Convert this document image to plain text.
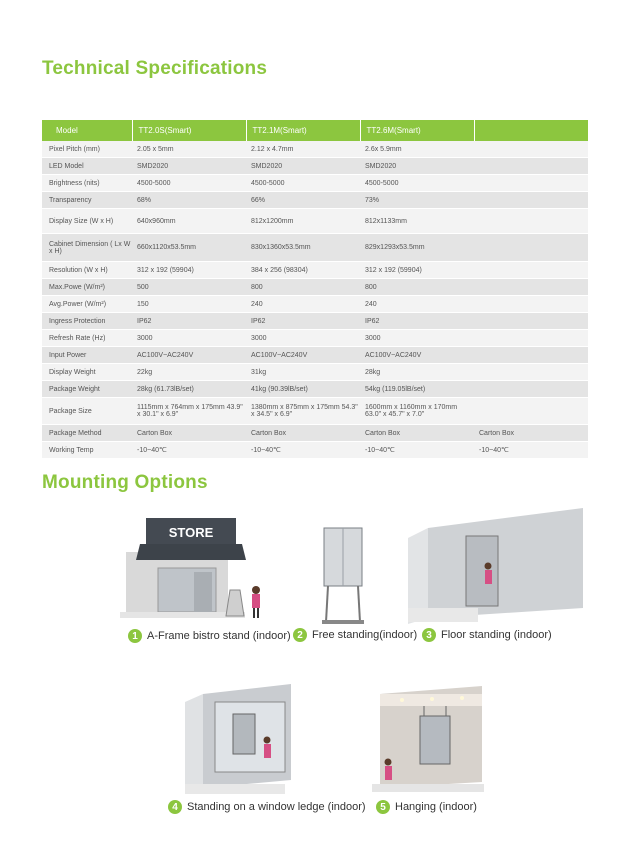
Technical Specifications
Model	TT2.0S(Smart)	TT2.1M(Smart)	TT2.6M(Smart)	
Pixel Pitch (mm)	2.05 x 5mm	2.12 x 4.7mm	2.6x 5.9mm	
LED Model	SMD2020	SMD2020	SMD2020	
Brightness (nits)	4500-5000	4500-5000	4500-5000	
Transparency	68%	66%	73%	
Display Size (W x H)	640x960mm	812x1200mm	812x1133mm	
Cabinet Dimension ( Lx W x H)	660x1120x53.5mm	830x1360x53.5mm	829x1293x53.5mm	
Resolution (W x H)	312 x 192 (59904)	384 x 256 (98304)	312 x 192 (59904)	
Max.Powe (W/m²)	500	800	800	
Avg.Power (W/m²)	150	240	240	
Ingress Protection	IP62	IP62	IP62	
Refresh Rate (Hz)	3000	3000	3000	
Input Power	AC100V~AC240V	AC100V~AC240V	AC100V~AC240V	
Display Weight	22kg	31kg	28kg	
Package Weight	28kg (61.73lB/set)	41kg (90.39lB/set)	54kg (119.05lB/set)	
Package Size	1115mm x 764mm x 175mm 43.9" x 30.1" x 6.9"	1380mm x 875mm x 175mm 54.3" x 34.5" x 6.9"	1600mm x 1160mm x 170mm 63.0" x 45.7" x 7.0"	
Package Method	Carton Box	Carton Box	Carton Box	Carton Box
Working Temp	-10~40℃	-10~40℃	-10~40℃	-10~40℃
Mounting Options
STORE
1 A-Frame bistro stand (indoor) 2 Free standing(indoor) 3 Floor standing (indoor)
4 Standing on a window ledge (indoor)	5 Hanging (indoor)
